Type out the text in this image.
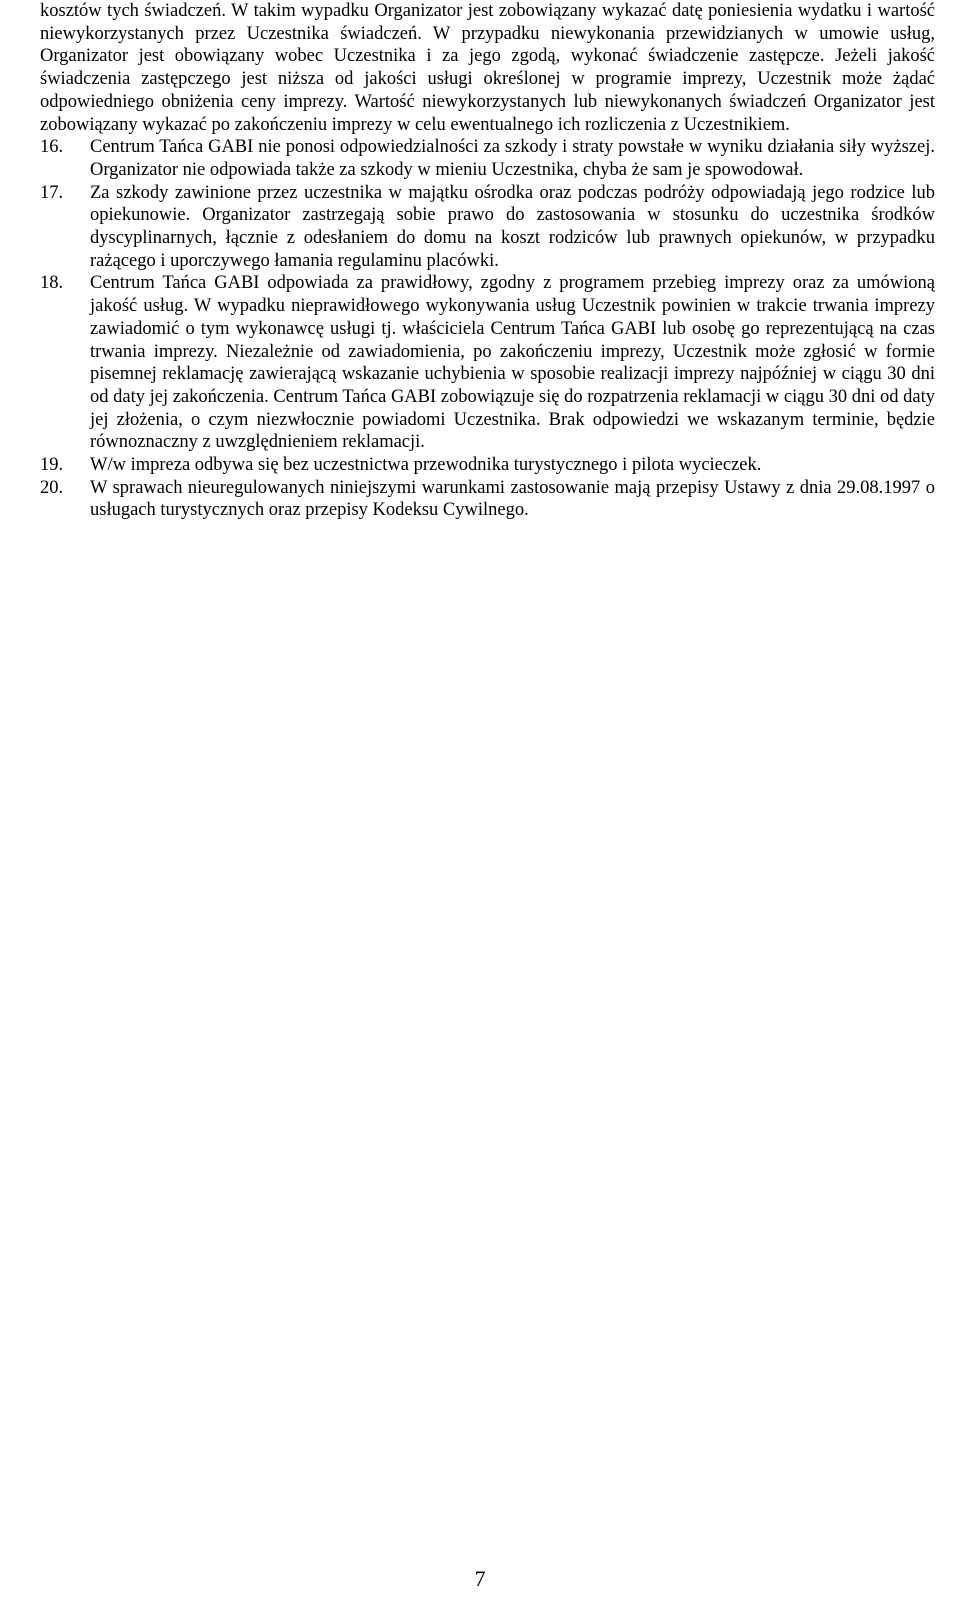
kosztów tych świadczeń. W takim wypadku Organizator jest zobowiązany wykazać datę poniesienia wydatku i wartość niewykorzystanych przez Uczestnika świadczeń. W przypadku niewykonania przewidzianych w umowie usług, Organizator jest obowiązany wobec Uczestnika i za jego zgodą, wykonać świadczenie zastępcze. Jeżeli jakość świadczenia zastępczego jest niższa od jakości usługi określonej w programie imprezy, Uczestnik może żądać odpowiedniego obniżenia ceny imprezy. Wartość niewykorzystanych lub niewykonanych świadczeń Organizator jest zobowiązany wykazać po zakończeniu imprezy w celu ewentualnego ich rozliczenia z Uczestnikiem.

16.	Centrum Tańca GABI nie ponosi odpowiedzialności za szkody i straty powstałe w wyniku działania siły wyższej. Organizator nie odpowiada także za szkody w mieniu Uczestnika, chyba że sam je spowodował.
17.	Za szkody zawinione przez uczestnika w majątku ośrodka oraz podczas podróży odpowiadają jego rodzice lub opiekunowie. Organizator zastrzegają sobie prawo do zastosowania w stosunku do uczestnika środków dyscyplinarnych, łącznie z odesłaniem do domu na koszt rodziców lub prawnych opiekunów, w przypadku rażącego i uporczywego łamania regulaminu placówki.
18.	Centrum Tańca GABI odpowiada za prawidłowy, zgodny z programem przebieg imprezy oraz za umówioną jakość usług. W wypadku nieprawidłowego wykonywania usług Uczestnik powinien w trakcie trwania imprezy zawiadomić o tym wykonawcę usługi tj. właściciela Centrum Tańca GABI lub osobę go reprezentującą na czas trwania imprezy. Niezależnie od zawiadomienia, po zakończeniu imprezy, Uczestnik może zgłosić w formie pisemnej reklamację zawierającą wskazanie uchybienia w sposobie realizacji imprezy najpóźniej w ciągu 30 dni od daty jej zakończenia. Centrum Tańca GABI zobowiązuje się do rozpatrzenia reklamacji w ciągu 30 dni od daty jej złożenia, o czym niezwłocznie powiadomi Uczestnika. Brak odpowiedzi we wskazanym terminie, będzie równoznaczny z uwzględnieniem reklamacji.
19.	W/w impreza odbywa się bez uczestnictwa przewodnika turystycznego i pilota wycieczek.
20.	W sprawach nieuregulowanych niniejszymi warunkami zastosowanie mają przepisy Ustawy z dnia 29.08.1997 o usługach turystycznych oraz przepisy Kodeksu Cywilnego.
7
